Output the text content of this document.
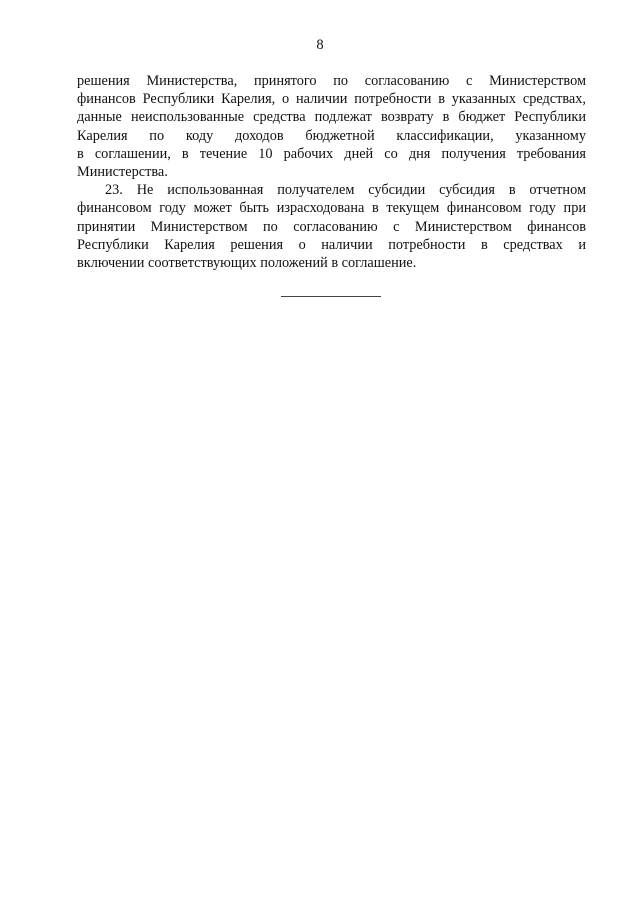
8
решения Министерства, принятого по согласованию с Министерством
финансов Республики Карелия, о наличии потребности в указанных средствах,
данные неиспользованные средства подлежат возврату в бюджет Республики
Карелия по коду доходов бюджетной классификации, указанному
в соглашении, в течение 10 рабочих дней со дня получения требования
Министерства.
23. Не использованная получателем субсидии субсидия в отчетном
финансовом году может быть израсходована в текущем финансовом году при
принятии Министерством по согласованию с Министерством финансов
Республики Карелия решения о наличии потребности в средствах и
включении соответствующих положений в соглашение.
